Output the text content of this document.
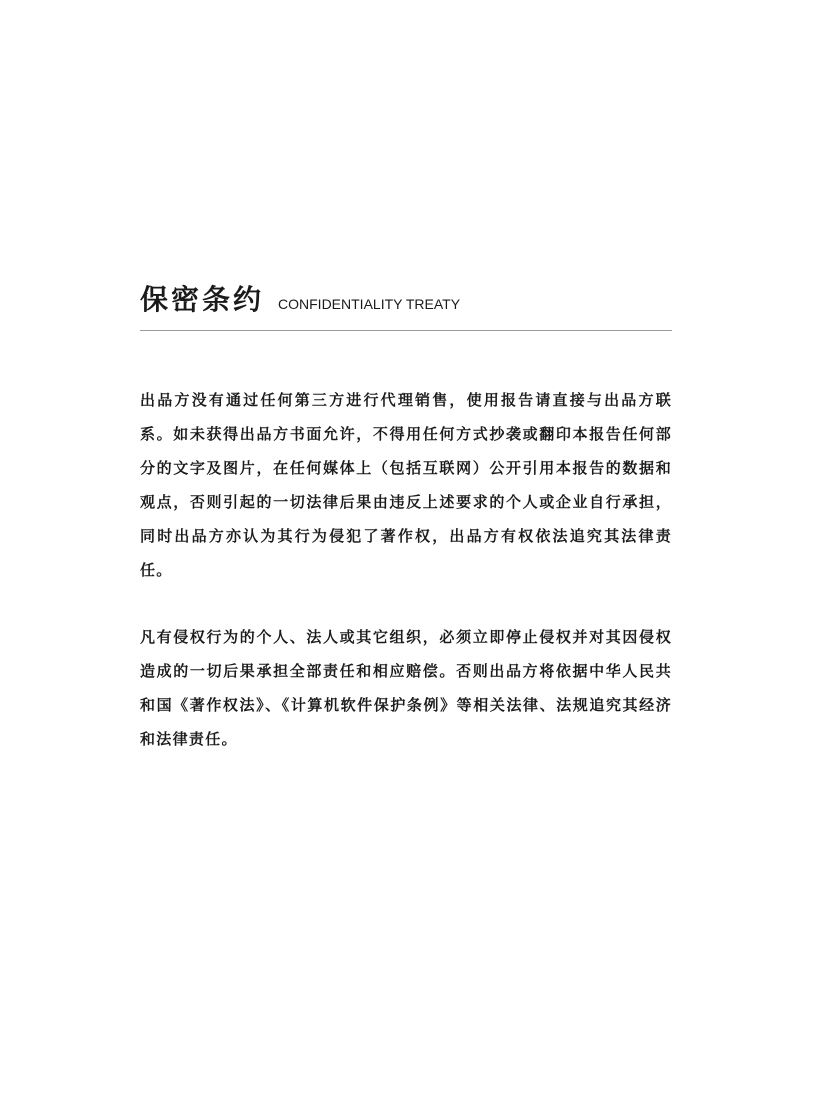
保密条约 CONFIDENTIALITY TREATY

出品方没有通过任何第三方进行代理销售，使用报告请直接与出品方联系。如未获得出品方书面允许，不得用任何方式抄袭或翻印本报告任何部分的文字及图片，在任何媒体上（包括互联网）公开引用本报告的数据和观点，否则引起的一切法律后果由违反上述要求的个人或企业自行承担，同时出品方亦认为其行为侵犯了著作权，出品方有权依法追究其法律责任。

凡有侵权行为的个人、法人或其它组织，必须立即停止侵权并对其因侵权造成的一切后果承担全部责任和相应赔偿。否则出品方将依据中华人民共和国《著作权法》、《计算机软件保护条例》等相关法律、法规追究其经济和法律责任。
